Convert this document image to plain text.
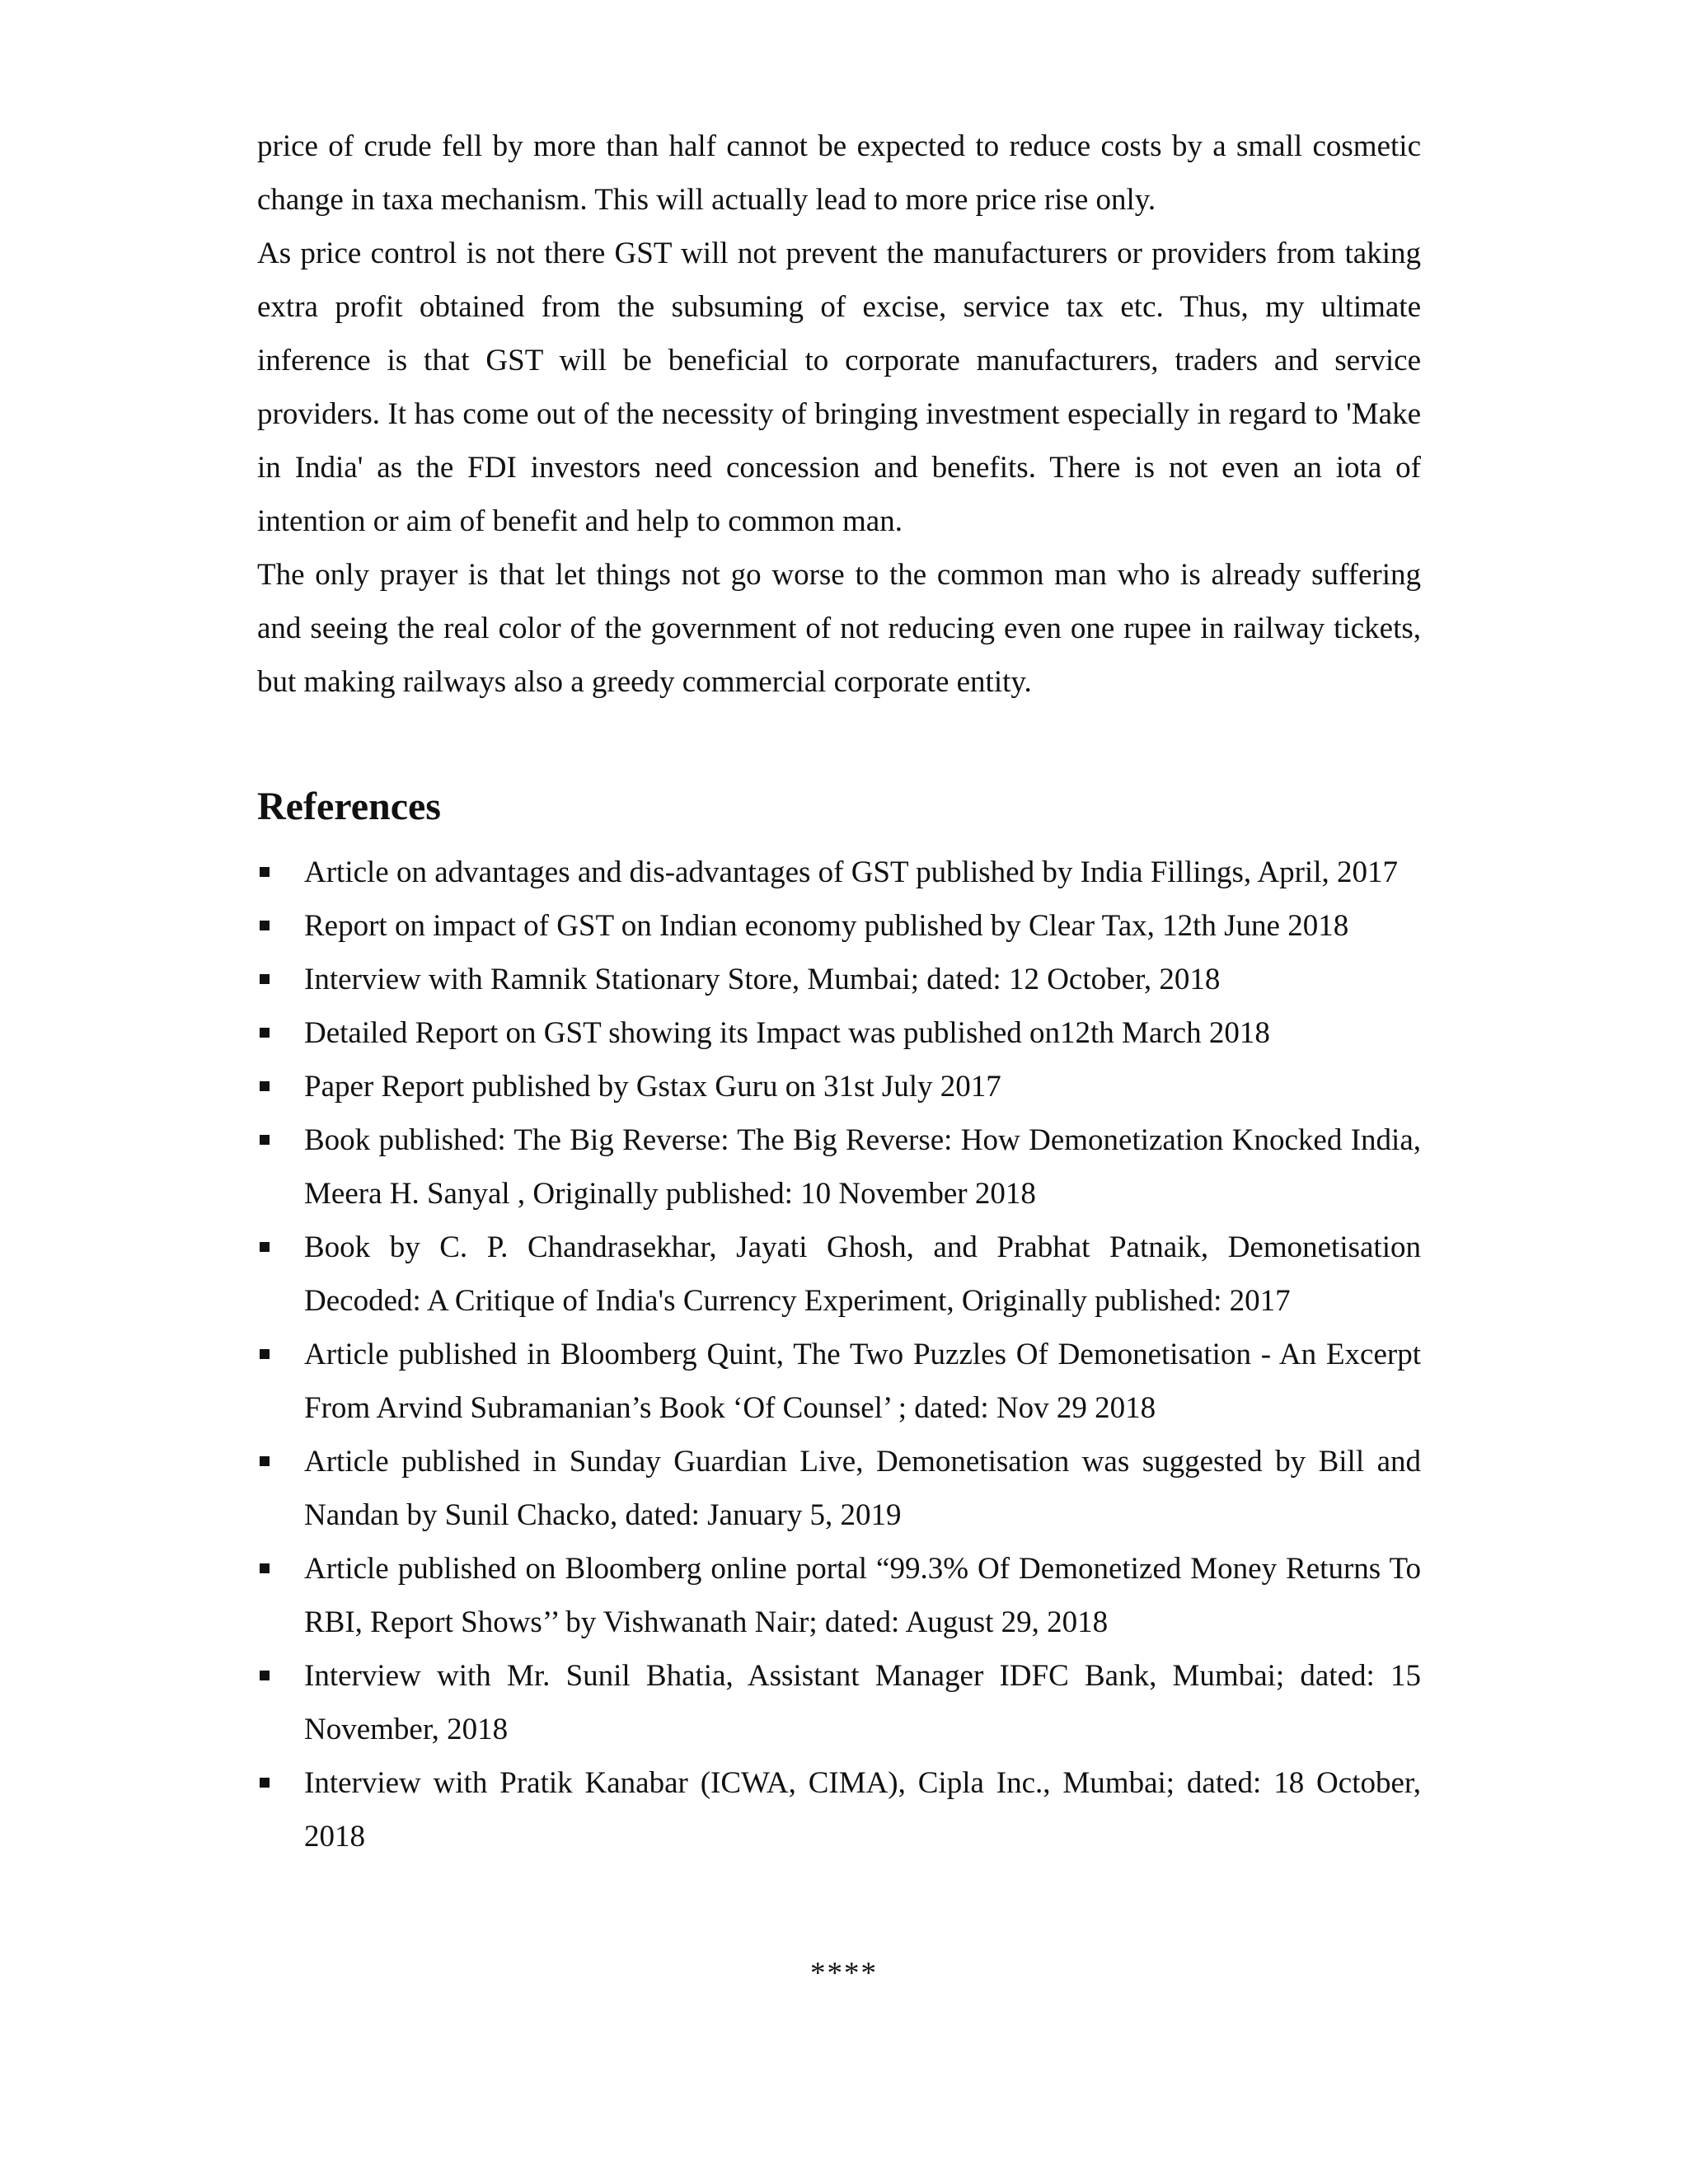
price of crude fell by more than half cannot be expected to reduce costs by a small cosmetic change in taxa mechanism. This will actually lead to more price rise only.

As price control is not there GST will not prevent the manufacturers or providers from taking extra profit obtained from the subsuming of excise, service tax etc. Thus, my ultimate inference is that GST will be beneficial to corporate manufacturers, traders and service providers. It has come out of the necessity of bringing investment especially in regard to 'Make in India' as the FDI investors need concession and benefits. There is not even an iota of intention or aim of benefit and help to common man.

The only prayer is that let things not go worse to the common man who is already suffering and seeing the real color of the government of not reducing even one rupee in railway tickets, but making railways also a greedy commercial corporate entity.

References
Article on advantages and dis-advantages of GST published by India Fillings, April, 2017
Report on impact of GST on Indian economy published by Clear Tax, 12th June 2018
Interview with Ramnik Stationary Store, Mumbai; dated: 12 October, 2018
Detailed Report on GST showing its Impact was published on12th March 2018
Paper Report published by Gstax Guru on 31st July 2017
Book published: The Big Reverse: The Big Reverse: How Demonetization Knocked India, Meera H. Sanyal , Originally published: 10 November 2018
Book by C. P. Chandrasekhar, Jayati Ghosh, and Prabhat Patnaik, Demonetisation Decoded: A Critique of India's Currency Experiment, Originally published: 2017
Article published in Bloomberg Quint, The Two Puzzles Of Demonetisation - An Excerpt From Arvind Subramanian’s Book ‘Of Counsel’ ; dated: Nov 29 2018
Article published in Sunday Guardian Live, Demonetisation was suggested by Bill and Nandan by Sunil Chacko, dated: January 5, 2019
Article published on Bloomberg online portal “99.3% Of Demonetized Money Returns To RBI, Report Shows’’ by Vishwanath Nair; dated: August 29, 2018
Interview with Mr. Sunil Bhatia, Assistant Manager IDFC Bank, Mumbai; dated: 15 November, 2018
Interview with Pratik Kanabar (ICWA, CIMA), Cipla Inc., Mumbai; dated: 18 October, 2018
****
